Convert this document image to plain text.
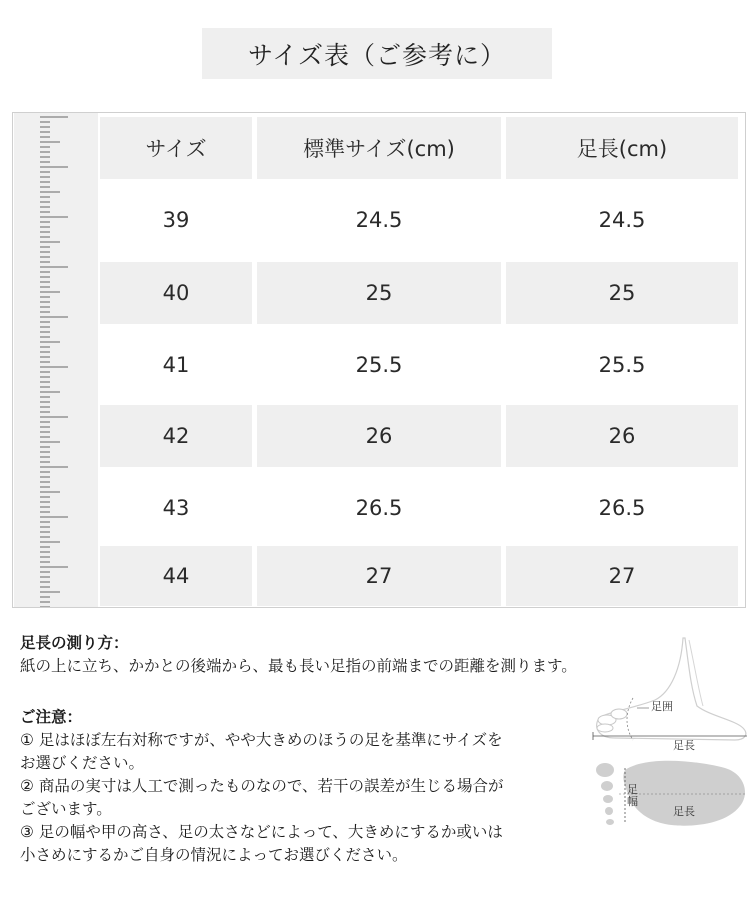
サイズ表（ご参考に）
サイズ	標準サイズ(cm)	足長(cm)
39	24.5	24.5
40	25	25
41	25.5	25.5
42	26	26
43	26.5	26.5
44	27	27
足長の測り方：
紙の上に立ち、かかとの後端から、最も長い足指の前端までの距離を測ります。
ご注意：
① 足はほぼ左右対称ですが、やや大きめのほうの足を基準にサイズを
お選びください。
② 商品の実寸は人工で測ったものなので、若干の誤差が生じる場合が
ございます。
③ 足の幅や甲の高さ、足の太さなどによって、大きめにするか或いは
小さめにするかご自身の情況によってお選びください。
足囲
足長
足幅
足長
